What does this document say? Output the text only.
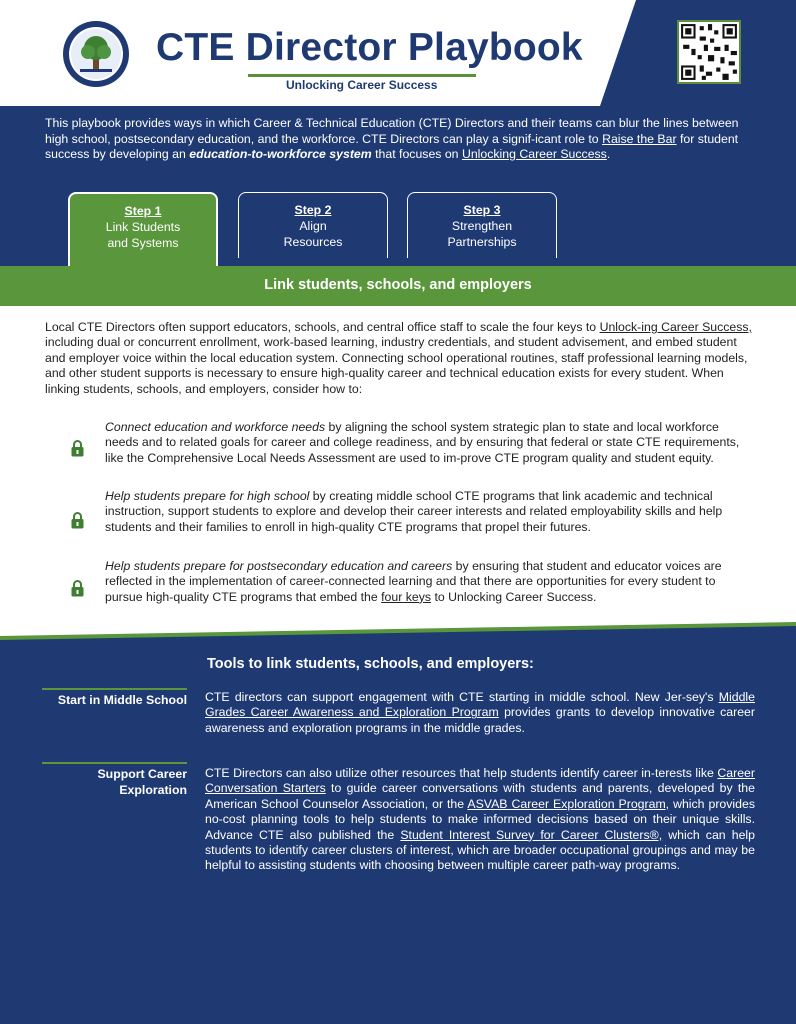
CTE Director Playbook
Unlocking Career Success
This playbook provides ways in which Career & Technical Education (CTE) Directors and their teams can blur the lines between high school, postsecondary education, and the workforce. CTE Directors can play a signif-icant role to Raise the Bar for student success by developing an education-to-workforce system that focuses on Unlocking Career Success.
Step 1
Link Students
and Systems
Step 2
Align
Resources
Step 3
Strengthen
Partnerships
Link students, schools, and employers
Local CTE Directors often support educators, schools, and central office staff to scale the four keys to Unlock-ing Career Success, including dual or concurrent enrollment, work-based learning, industry credentials, and student advisement, and embed student and employer voice within the local education system. Connecting school operational routines, staff professional learning models, and other student supports is necessary to ensure high-quality career and technical education exists for every student. When linking students, schools, and employers, consider how to:
Connect education and workforce needs by aligning the school system strategic plan to state and local workforce needs and to related goals for career and college readiness, and by ensuring that federal or state CTE requirements, like the Comprehensive Local Needs Assessment are used to im-prove CTE program quality and student equity.
Help students prepare for high school by creating middle school CTE programs that link academic and technical instruction, support students to explore and develop their career interests and related employability skills and help students and their families to enroll in high-quality CTE programs that propel their futures.
Help students prepare for postsecondary education and careers by ensuring that student and educator voices are reflected in the implementation of career-connected learning and that there are opportunities for every student to pursue high-quality CTE programs that embed the four keys to Unlocking Career Success.
Tools to link students, schools, and employers:
Start in Middle School CTE directors can support engagement with CTE starting in middle school. New Jer-sey's Middle Grades Career Awareness and Exploration Program provides grants to develop innovative career awareness and exploration programs in the middle grades.
Support Career Exploration
CTE Directors can also utilize other resources that help students identify career in-terests like Career Conversation Starters to guide career conversations with students and parents, developed by the American School Counselor Association, or the ASVAB Career Exploration Program, which provides no-cost planning tools to help students to make informed decisions based on their unique skills. Advance CTE also published the Student Interest Survey for Career Clusters®, which can help students to identify career clusters of interest, which are broader occupational groupings and may be helpful to assisting students with choosing between multiple career path-way programs.
